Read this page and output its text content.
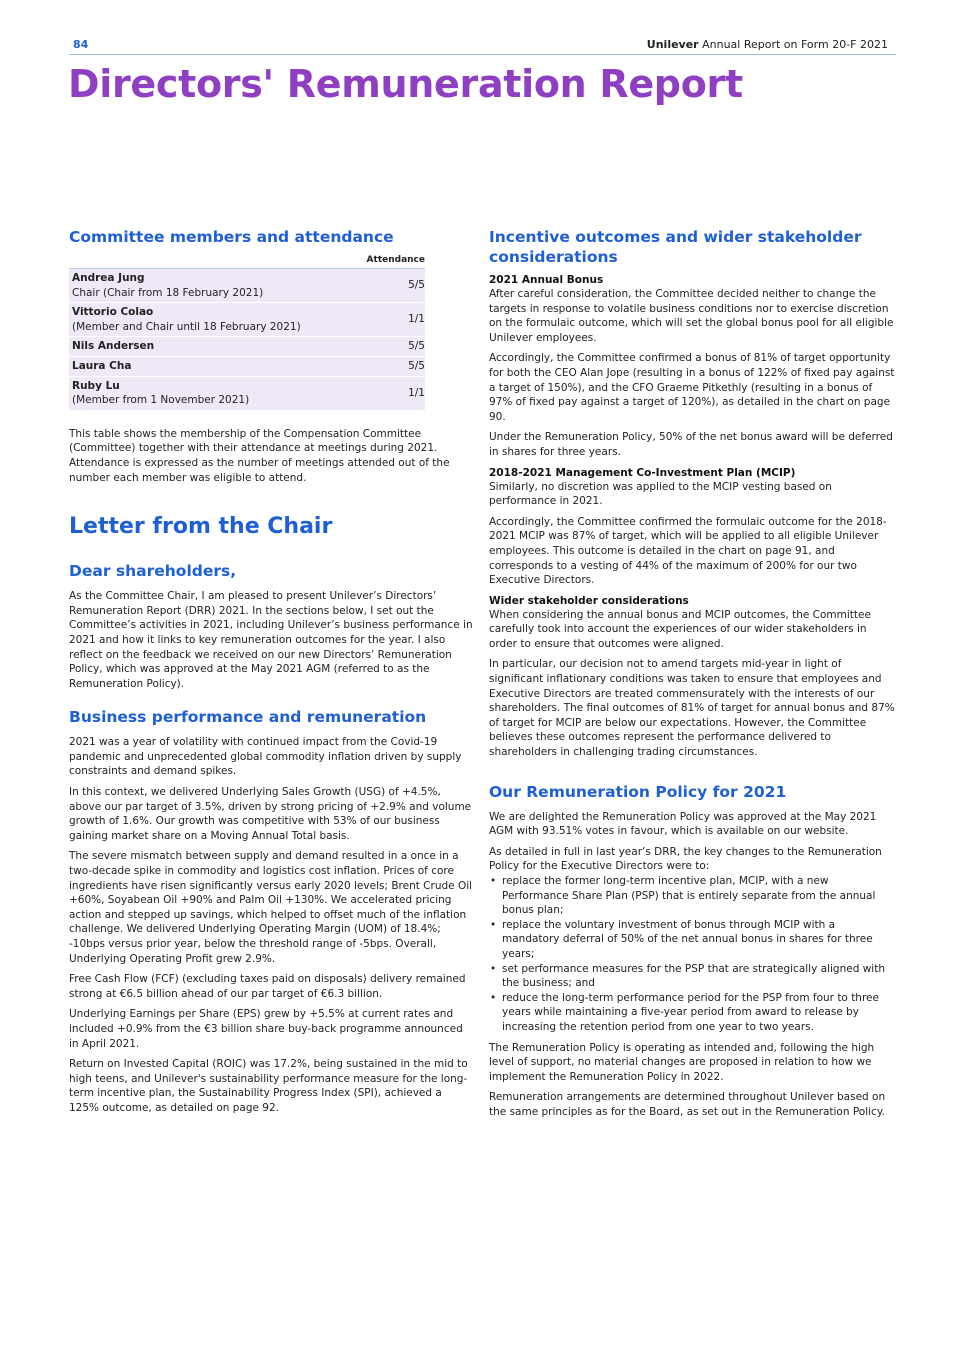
84	Unilever Annual Report on Form 20-F 2021
Directors' Remuneration Report
Committee members and attendance
Attendance
Andrea Jung
Chair (Chair from 18 February 2021)	5/5

Vittorio Colao
(Member and Chair until 18 February 2021)	1/1

Nils Andersen	5/5

Laura Cha	5/5

Ruby Lu
(Member from 1 November 2021)	1/1

This table shows the membership of the Compensation Committee (Committee) together with their attendance at meetings during 2021. Attendance is expressed as the number of meetings attended out of the number each member was eligible to attend.

Letter from the Chair
Dear shareholders,

As the Committee Chair, I am pleased to present Unilever’s Directors’ Remuneration Report (DRR) 2021. In the sections below, I set out the Committee’s activities in 2021, including Unilever’s business performance in 2021 and how it links to key remuneration outcomes for the year. I also reflect on the feedback we received on our new Directors’ Remuneration Policy, which was approved at the May 2021 AGM (referred to as the Remuneration Policy).

Business performance and remuneration

2021 was a year of volatility with continued impact from the Covid-19 pandemic and unprecedented global commodity inflation driven by supply constraints and demand spikes.

In this context, we delivered Underlying Sales Growth (USG) of +4.5%, above our par target of 3.5%, driven by strong pricing of +2.9% and volume growth of 1.6%. Our growth was competitive with 53% of our business gaining market share on a Moving Annual Total basis.

The severe mismatch between supply and demand resulted in a once in a two-decade spike in commodity and logistics cost inflation. Prices of core ingredients have risen significantly versus early 2020 levels; Brent Crude Oil +60%, Soyabean Oil +90% and Palm Oil +130%. We accelerated pricing action and stepped up savings, which helped to offset much of the inflation challenge. We delivered Underlying Operating Margin (UOM) of 18.4%; -10bps versus prior year, below the threshold range of -5bps. Overall, Underlying Operating Profit grew 2.9%.

Free Cash Flow (FCF) (excluding taxes paid on disposals) delivery remained strong at €6.5 billion ahead of our par target of €6.3 billion.

Underlying Earnings per Share (EPS) grew by +5.5% at current rates and included +0.9% from the €3 billion share buy-back programme announced in April 2021.

Return on Invested Capital (ROIC) was 17.2%, being sustained in the mid to high teens, and Unilever's sustainability performance measure for the long-term incentive plan, the Sustainability Progress Index (SPI), achieved a 125% outcome, as detailed on page 92.

Incentive outcomes and wider stakeholder considerations
2021 Annual Bonus

After careful consideration, the Committee decided neither to change the targets in response to volatile business conditions nor to exercise discretion on the formulaic outcome, which will set the global bonus pool for all eligible Unilever employees.

Accordingly, the Committee confirmed a bonus of 81% of target opportunity for both the CEO Alan Jope (resulting in a bonus of 122% of fixed pay against a target of 150%), and the CFO Graeme Pitkethly (resulting in a bonus of 97% of fixed pay against a target of 120%), as detailed in the chart on page 90.

Under the Remuneration Policy, 50% of the net bonus award will be deferred in shares for three years.

2018-2021 Management Co-Investment Plan (MCIP)

Similarly, no discretion was applied to the MCIP vesting based on performance in 2021.

Accordingly, the Committee confirmed the formulaic outcome for the 2018-2021 MCIP was 87% of target, which will be applied to all eligible Unilever employees. This outcome is detailed in the chart on page 91, and corresponds to a vesting of 44% of the maximum of 200% for our two Executive Directors.

Wider stakeholder considerations

When considering the annual bonus and MCIP outcomes, the Committee carefully took into account the experiences of our wider stakeholders in order to ensure that outcomes were aligned.

In particular, our decision not to amend targets mid-year in light of significant inflationary conditions was taken to ensure that employees and Executive Directors are treated commensurately with the interests of our shareholders. The final outcomes of 81% of target for annual bonus and 87% of target for MCIP are below our expectations. However, the Committee believes these outcomes represent the performance delivered to shareholders in challenging trading circumstances.

Our Remuneration Policy for 2021

We are delighted the Remuneration Policy was approved at the May 2021 AGM with 93.51% votes in favour, which is available on our website.

As detailed in full in last year’s DRR, the key changes to the Remuneration Policy for the Executive Directors were to:

• replace the former long-term incentive plan, MCIP, with a new Performance Share Plan (PSP) that is entirely separate from the annual bonus plan;

• replace the voluntary investment of bonus through MCIP with a mandatory deferral of 50% of the net annual bonus in shares for three years;

• set performance measures for the PSP that are strategically aligned with the business; and

• reduce the long-term performance period for the PSP from four to three years while maintaining a five-year period from award to release by increasing the retention period from one year to two years.

The Remuneration Policy is operating as intended and, following the high level of support, no material changes are proposed in relation to how we implement the Remuneration Policy in 2022.

Remuneration arrangements are determined throughout Unilever based on the same principles as for the Board, as set out in the Remuneration Policy.
